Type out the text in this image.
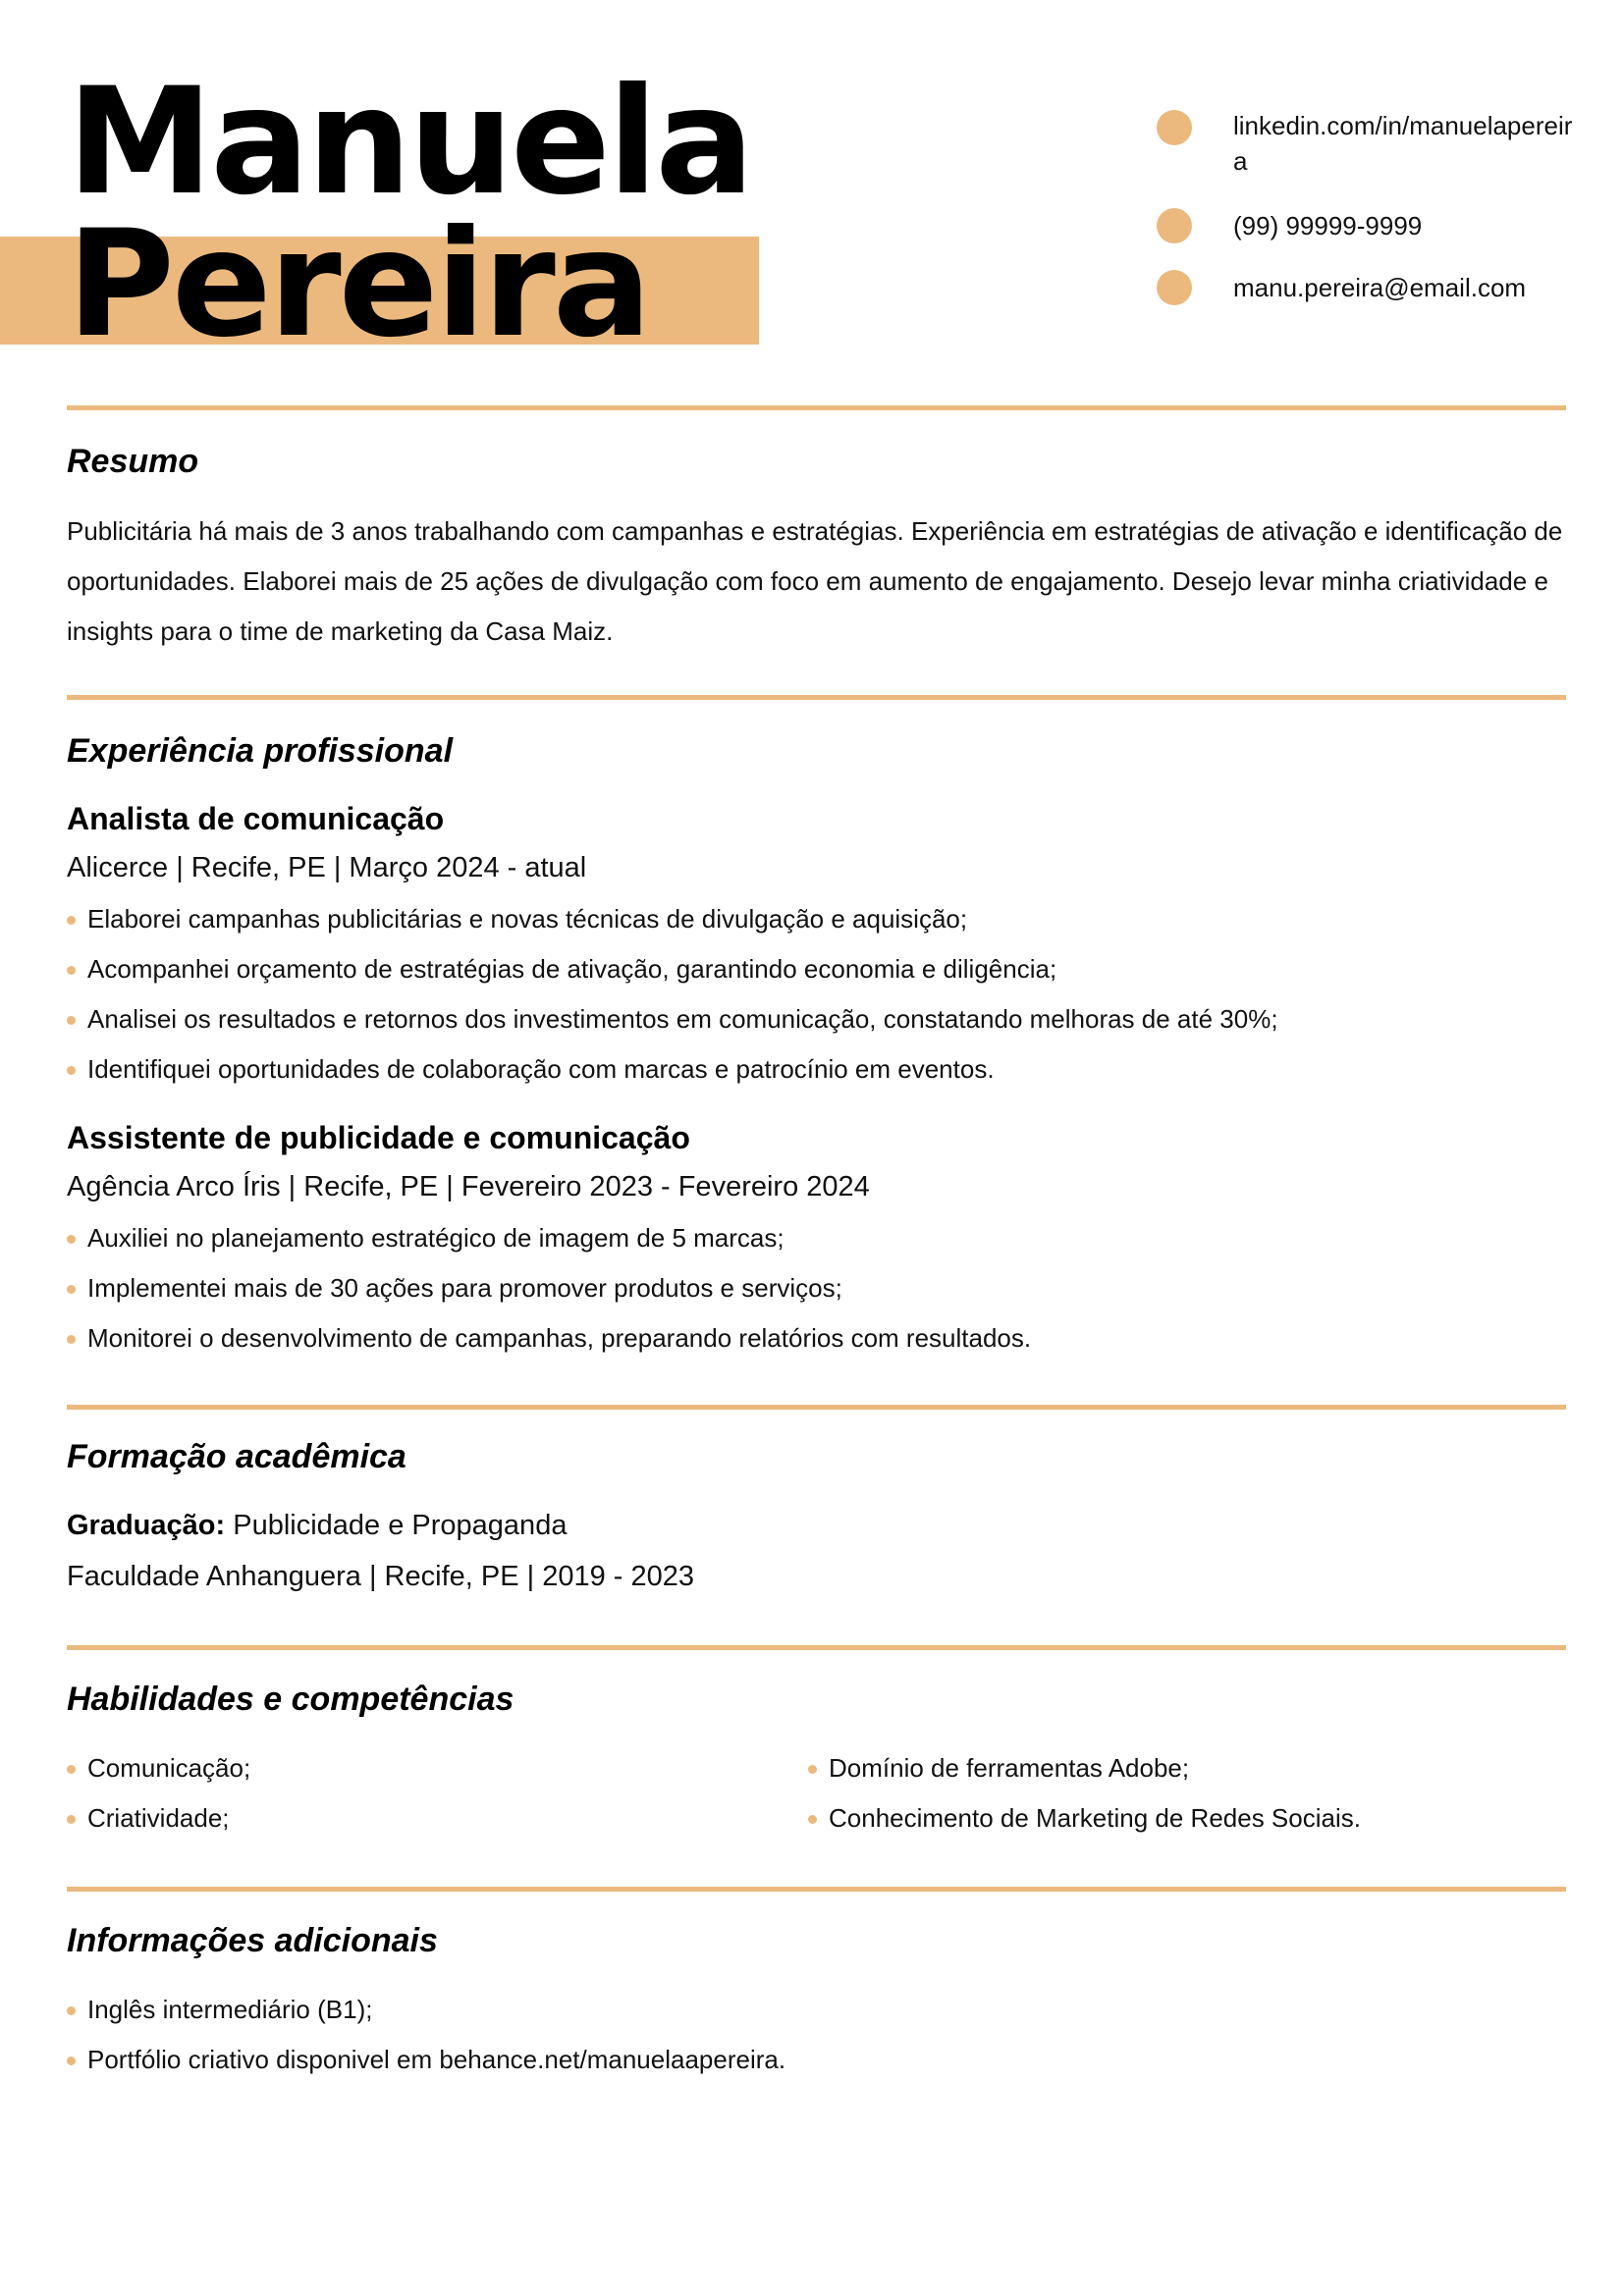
Manuela
Pereira
linkedin.com/in/manuelapereira
(99) 99999-9999
manu.pereira@email.com
Resumo

Publicitária há mais de 3 anos trabalhando com campanhas e estratégias. Experiência em estratégias de ativação e identificação de oportunidades. Elaborei mais de 25 ações de divulgação com foco em aumento de engajamento. Desejo levar minha criatividade e insights para o time de marketing da Casa Maiz.

Experiência profissional
Analista de comunicação

Alicerce | Recife, PE | Março 2024 - atual

Elaborei campanhas publicitárias e novas técnicas de divulgação e aquisição;
Acompanhei orçamento de estratégias de ativação, garantindo economia e diligência;
Analisei os resultados e retornos dos investimentos em comunicação, constatando melhoras de até 30%;
Identifiquei oportunidades de colaboração com marcas e patrocínio em eventos.
Assistente de publicidade e comunicação

Agência Arco Íris | Recife, PE | Fevereiro 2023 - Fevereiro 2024

Auxiliei no planejamento estratégico de imagem de 5 marcas;
Implementei mais de 30 ações para promover produtos e serviços;
Monitorei o desenvolvimento de campanhas, preparando relatórios com resultados.
Formação acadêmica

Graduação: Publicidade e Propaganda

Faculdade Anhanguera | Recife, PE | 2019 - 2023

Habilidades e competências
Comunicação;
Criatividade;
Domínio de ferramentas Adobe;
Conhecimento de Marketing de Redes Sociais.
Informações adicionais
Inglês intermediário (B1);
Portfólio criativo disponivel em behance.net/manuelaapereira.
